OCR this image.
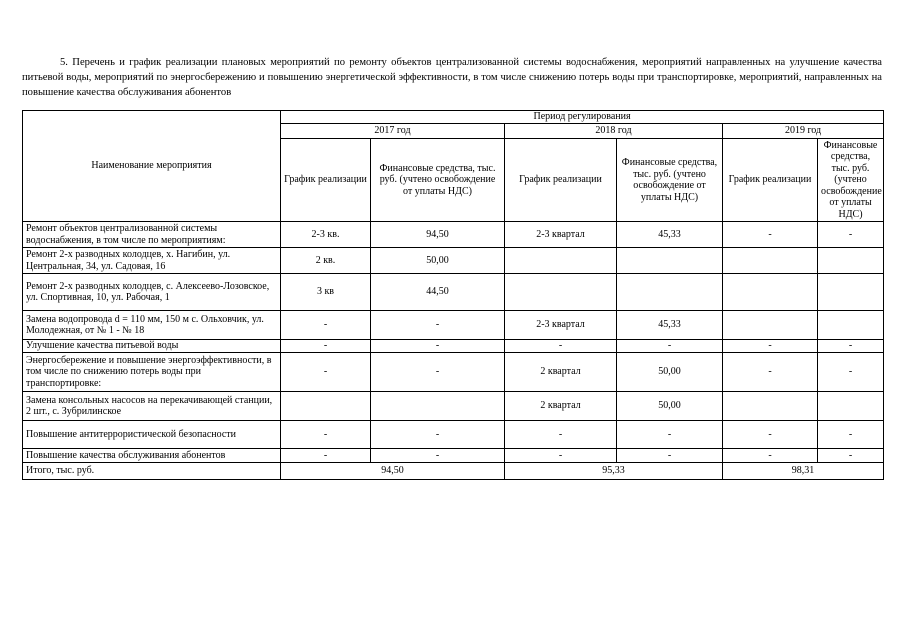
5. Перечень и график реализации плановых мероприятий по ремонту объектов централизованной системы водоснабжения, мероприятий направленных на улучшение качества питьевой воды, мероприятий по энергосбережению и повышению энергетической эффективности, в том числе снижению потерь воды при транспортировке, мероприятий, направленных на повышение качества обслуживания абонентов

Наименование мероприятия	Период регулирования					
	2017 год		2018 год		2019 год	
	График реализации	Финансовые средства, тыс. руб. (учтено освобождение от уплаты НДС)	График реализации	Финансовые средства, тыс. руб. (учтено освобождение от уплаты НДС)	График реализации	Финансовые средства, тыс. руб. (учтено освобождение от уплаты НДС)
Ремонт объектов централизованной системы водоснабжения, в том числе по мероприятиям:	2-3 кв.	94,50	2-3 квартал	45,33	-	-
Ремонт 2-х разводных колодцев, х. Нагибин, ул. Центральная, 34, ул. Садовая, 16	2 кв.	50,00				
Ремонт 2-х разводных колодцев, с. Алексеево-Лозовское, ул. Спортивная, 10, ул. Рабочая, 1	3 кв	44,50				
Замена водопровода d = 110 мм, 150 м с. Ольховчик, ул. Молодежная, от № 1 - № 18	-	-	2-3 квартал	45,33		
Улучшение качества питьевой воды	-	-	-	-	-	-
Энергосбережение и повышение энергоэффективности, в том числе по снижению потерь воды при транспортировке:	-	-	2 квартал	50,00	-	-
Замена консольных насосов на перекачивающей станции, 2 шт., с. Зубрилинское			2 квартал	50,00		
Повышение антитеррористической безопасности	-	-	-	-	-	-
Повышение качества обслуживания абонентов	-	-	-	-	-	-
Итого, тыс. руб.	94,50		95,33		98,31	
